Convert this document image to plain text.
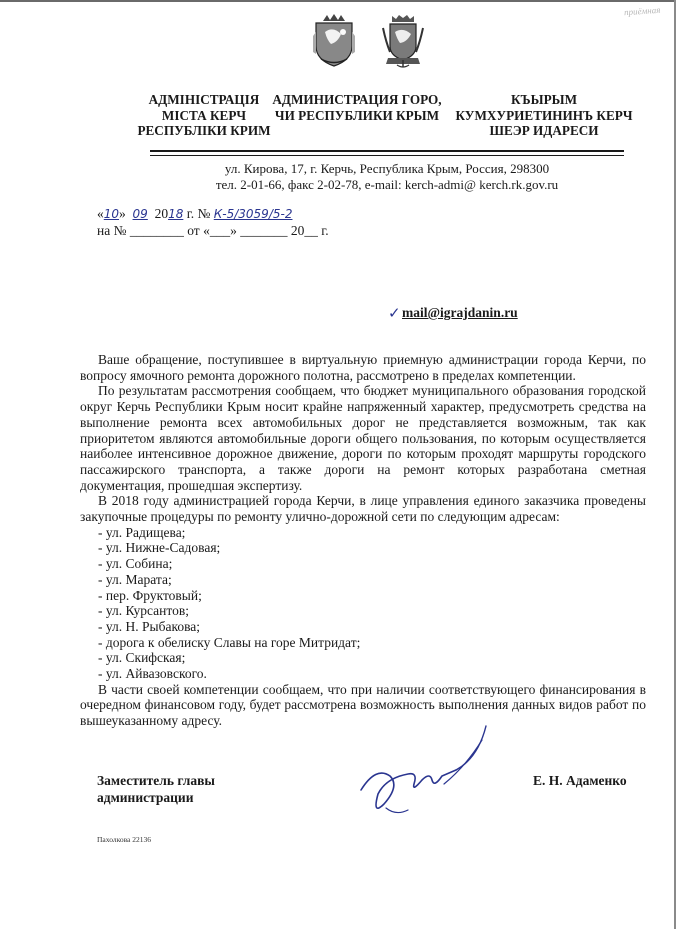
приёмная
АДМІНІСТРАЦІЯ
МІСТА КЕРЧ
РЕСПУБЛІКИ КРИМ
АДМИНИСТРАЦИЯ ГОРО,
ЧИ РЕСПУБЛИКИ КРЫМ
КЪЫРЫМ
КУМХУРИЕТИНИНЪ КЕРЧ
ШЕЭР ИДАРЕСИ
ул. Кирова, 17, г. Керчь, Республика Крым, Россия, 298300
тел. 2-01-66, факс 2-02-78, e-mail: kerch-admi@ kerch.rk.gov.ru
«10» 09 2018 г. № К-5/3059/5-2
на № ________ от «___» _______ 20__ г.
✓ mail@igrajdanin.ru

Ваше обращение, поступившее в виртуальную приемную администрации города Керчи, по вопросу ямочного ремонта дорожного полотна, рассмотрено в пределах компетенции.

По результатам рассмотрения сообщаем, что бюджет муниципального образования городской округ Керчь Республики Крым носит крайне напряженный характер, предусмотреть средства на выполнение ремонта всех автомобильных дорог не представляется возможным, так как приоритетом являются автомобильные дороги общего пользования, по которым осуществляется наиболее интенсивное дорожное движение, дороги по которым проходят маршруты городского пассажирского транспорта, а также дороги на ремонт которых разработана сметная документация, прошедшая экспертизу.

В 2018 году администрацией города Керчи, в лице управления единого заказчика проведены закупочные процедуры по ремонту улично-дорожной сети по следующим адресам:

- ул. Радищева;
- ул. Нижне-Садовая;
- ул. Собина;
- ул. Марата;
- пер. Фруктовый;
- ул. Курсантов;
- ул. Н. Рыбакова;
- дорога к обелиску Славы на горе Митридат;
- ул. Скифская;
- ул. Айвазовского.

В части своей компетенции сообщаем, что при наличии соответствующего финансирования в очередном финансовом году, будет рассмотрена возможность выполнения данных видов работ по вышеуказанному адресу.

Заместитель главы
администрации
Е. Н. Адаменко
Пахолкова 22136
